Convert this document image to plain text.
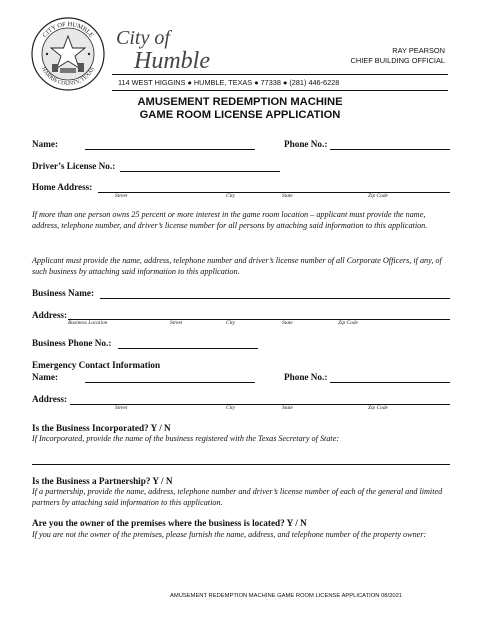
CITY OF HUMBLE
HARRIS COUNTY, TEXAS
City of
Humble	RAY PEARSON
CHIEF BUILDING OFFICIAL
114 WEST HIGGINS ● HUMBLE, TEXAS ● 77338 ● (281) 446-6228
AMUSEMENT REDEMPTION MACHINE
GAME ROOM LICENSE APPLICATION
Name:	Phone No.:
Driver’s License No.:
Home Address:
Street	City	State	Zip Code
If more than one person owns 25 percent or more interest in the game room location – applicant must provide the name, address, telephone number, and driver’s license number for all persons by attaching said information to this application.
Applicant must provide the name, address, telephone number and driver’s license number of all Corporate Officers, if any, of such business by attaching said information to this application.
Business Name:
Address:
Business Location	Street	City	State	Zip Code
Business Phone No.:
Emergency Contact Information
Name:	Phone No.:
Address:
Street	City	State	Zip Code
Is the Business Incorporated? Y / N
If Incorporated, provide the name of the business registered with the Texas Secretary of State:
Is the Business a Partnership? Y / N
If a partnership, provide the name, address, telephone number and driver’s license number of each of the general and limited partners by attaching said information to this application.
Are you the owner of the premises where the business is located? Y / N
If you are not the owner of the premises, please furnish the name, address, and telephone number of the property owner:
AMUSEMENT REDEMPTION MACHINE GAME ROOM LICENSE APPLICATION 08/2021
